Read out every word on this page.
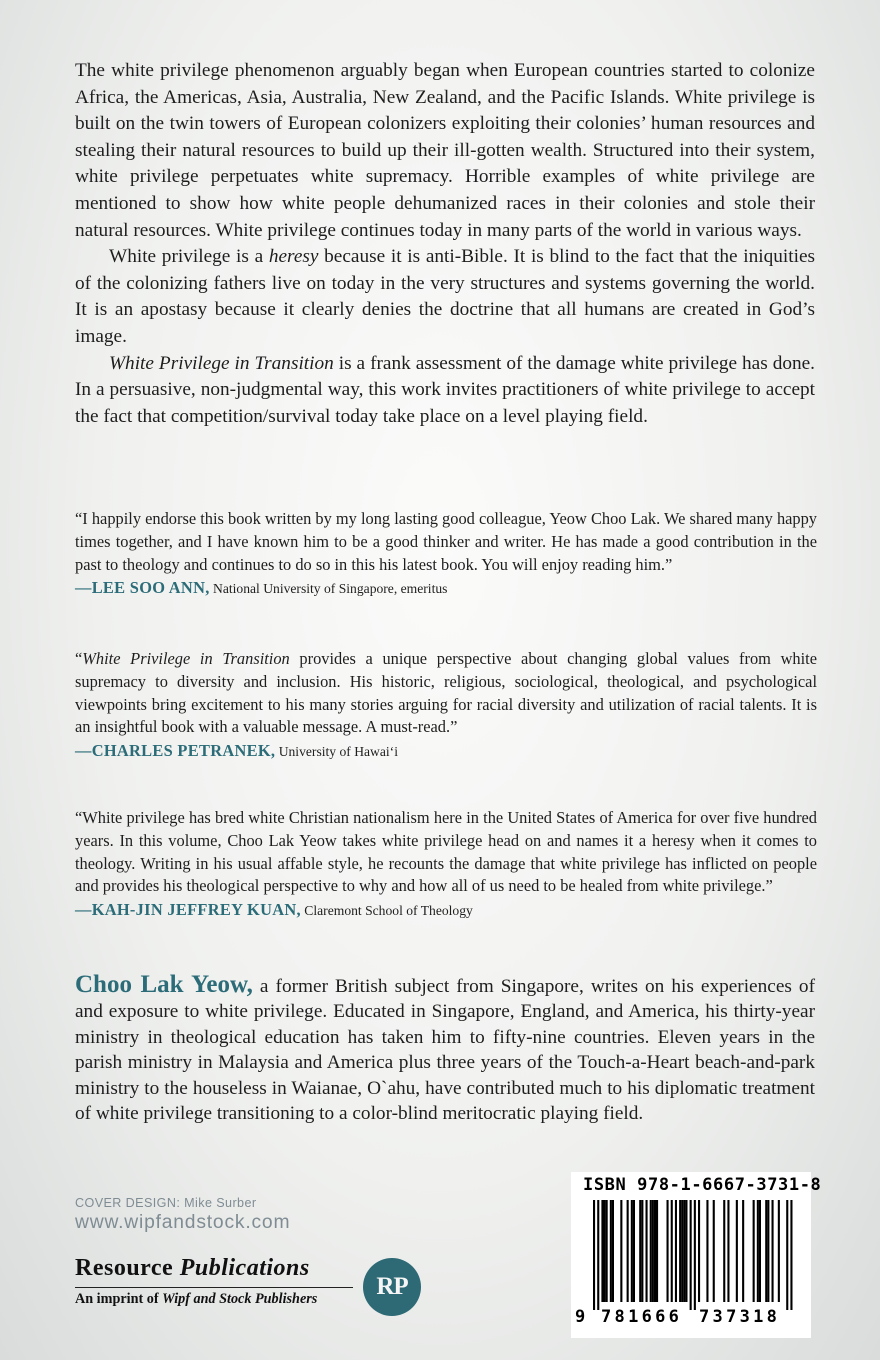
The white privilege phenomenon arguably began when European countries started to colonize Africa, the Americas, Asia, Australia, New Zealand, and the Pacific Islands. White privilege is built on the twin towers of European colonizers exploiting their colonies’ human resources and stealing their natural resources to build up their ill-gotten wealth. Structured into their system, white privilege perpetuates white supremacy. Horrible examples of white privilege are mentioned to show how white people dehumanized races in their colonies and stole their natural resources. White privilege continues today in many parts of the world in various ways.

White privilege is a heresy because it is anti-Bible. It is blind to the fact that the iniquities of the colonizing fathers live on today in the very structures and systems governing the world. It is an apostasy because it clearly denies the doctrine that all humans are created in God’s image.

White Privilege in Transition is a frank assessment of the damage white privilege has done. In a persuasive, non-judgmental way, this work invites practitioners of white privilege to accept the fact that competition/survival today take place on a level playing field.

“I happily endorse this book written by my long lasting good colleague, Yeow Choo Lak. We shared many happy times together, and I have known him to be a good thinker and writer. He has made a good contribution in the past to theology and continues to do so in this his latest book. You will enjoy reading him.”

—LEE SOO ANN, National University of Singapore, emeritus

“White Privilege in Transition provides a unique perspective about changing global values from white supremacy to diversity and inclusion. His historic, religious, sociological, theological, and psychological viewpoints bring excitement to his many stories arguing for racial diversity and utilization of racial talents. It is an insightful book with a valuable message. A must-read.”

—CHARLES PETRANEK, University of Hawai‘i

“White privilege has bred white Christian nationalism here in the United States of America for over five hundred years. In this volume, Choo Lak Yeow takes white privilege head on and names it a heresy when it comes to theology. Writing in his usual affable style, he recounts the damage that white privilege has inflicted on people and provides his theological perspective to why and how all of us need to be healed from white privilege.”

—KAH-JIN JEFFREY KUAN, Claremont School of Theology
Choo Lak Yeow, a former British subject from Singapore, writes on his experiences of and exposure to white privilege. Educated in Singapore, England, and America, his thirty-year ministry in theological education has taken him to fifty-nine countries. Eleven years in the parish ministry in Malaysia and America plus three years of the Touch-a-Heart beach-and-park ministry to the houseless in Waianae, O`ahu, have contributed much to his diplomatic treatment of white privilege transitioning to a color-blind meritocratic playing field.
COVER DESIGN: Mike Surber
www.wipfandstock.com
Resource Publications
An imprint of Wipf and Stock Publishers	RP
ISBN 978-1-6667-3731-8
9 781666 737318
